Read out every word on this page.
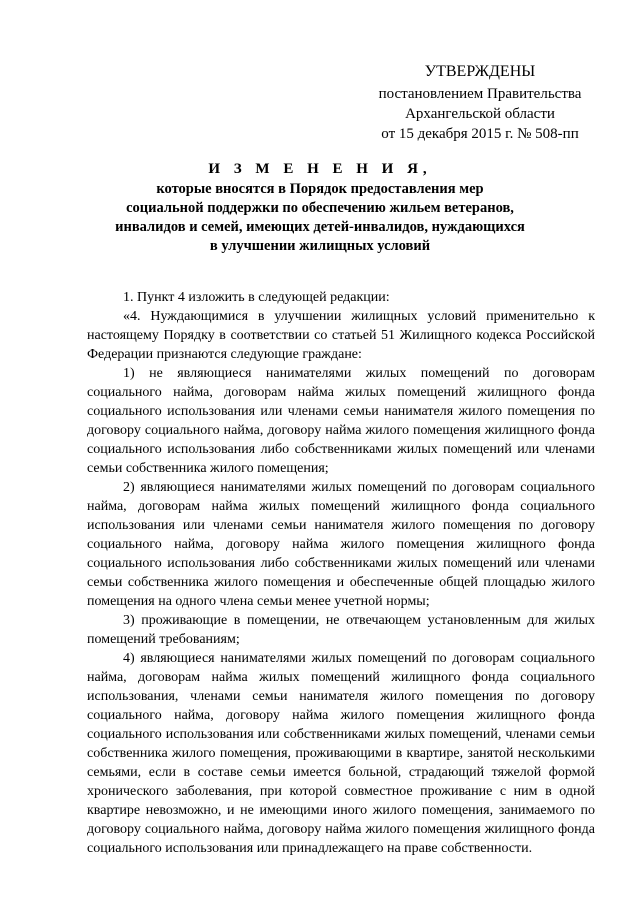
УТВЕРЖДЕНЫ
постановлением Правительства
Архангельской области
от 15 декабря 2015 г. № 508-пп
И З М Е Н Е Н И Я,
которые вносятся в Порядок предоставления мер
социальной поддержки по обеспечению жильем ветеранов,
инвалидов и семей, имеющих детей-инвалидов, нуждающихся
в улучшении жилищных условий

1. Пункт 4 изложить в следующей редакции:

«4. Нуждающимися в улучшении жилищных условий применительно к настоящему Порядку в соответствии со статьей 51 Жилищного кодекса Российской Федерации признаются следующие граждане:

1) не являющиеся нанимателями жилых помещений по договорам социального найма, договорам найма жилых помещений жилищного фонда социального использования или членами семьи нанимателя жилого помещения по договору социального найма, договору найма жилого помещения жилищного фонда социального использования либо собственниками жилых помещений или членами семьи собственника жилого помещения;

2) являющиеся нанимателями жилых помещений по договорам социального найма, договорам найма жилых помещений жилищного фонда социального использования или членами семьи нанимателя жилого помещения по договору социального найма, договору найма жилого помещения жилищного фонда социального использования либо собственниками жилых помещений или членами семьи собственника жилого помещения и обеспеченные общей площадью жилого помещения на одного члена семьи менее учетной нормы;

3) проживающие в помещении, не отвечающем установленным для жилых помещений требованиям;

4) являющиеся нанимателями жилых помещений по договорам социального найма, договорам найма жилых помещений жилищного фонда социального использования, членами семьи нанимателя жилого помещения по договору социального найма, договору найма жилого помещения жилищного фонда социального использования или собственниками жилых помещений, членами семьи собственника жилого помещения, проживающими в квартире, занятой несколькими семьями, если в составе семьи имеется больной, страдающий тяжелой формой хронического заболевания, при которой совместное проживание с ним в одной квартире невозможно, и не имеющими иного жилого помещения, занимаемого по договору социального найма, договору найма жилого помещения жилищного фонда социального использования или принадлежащего на праве собственности.
